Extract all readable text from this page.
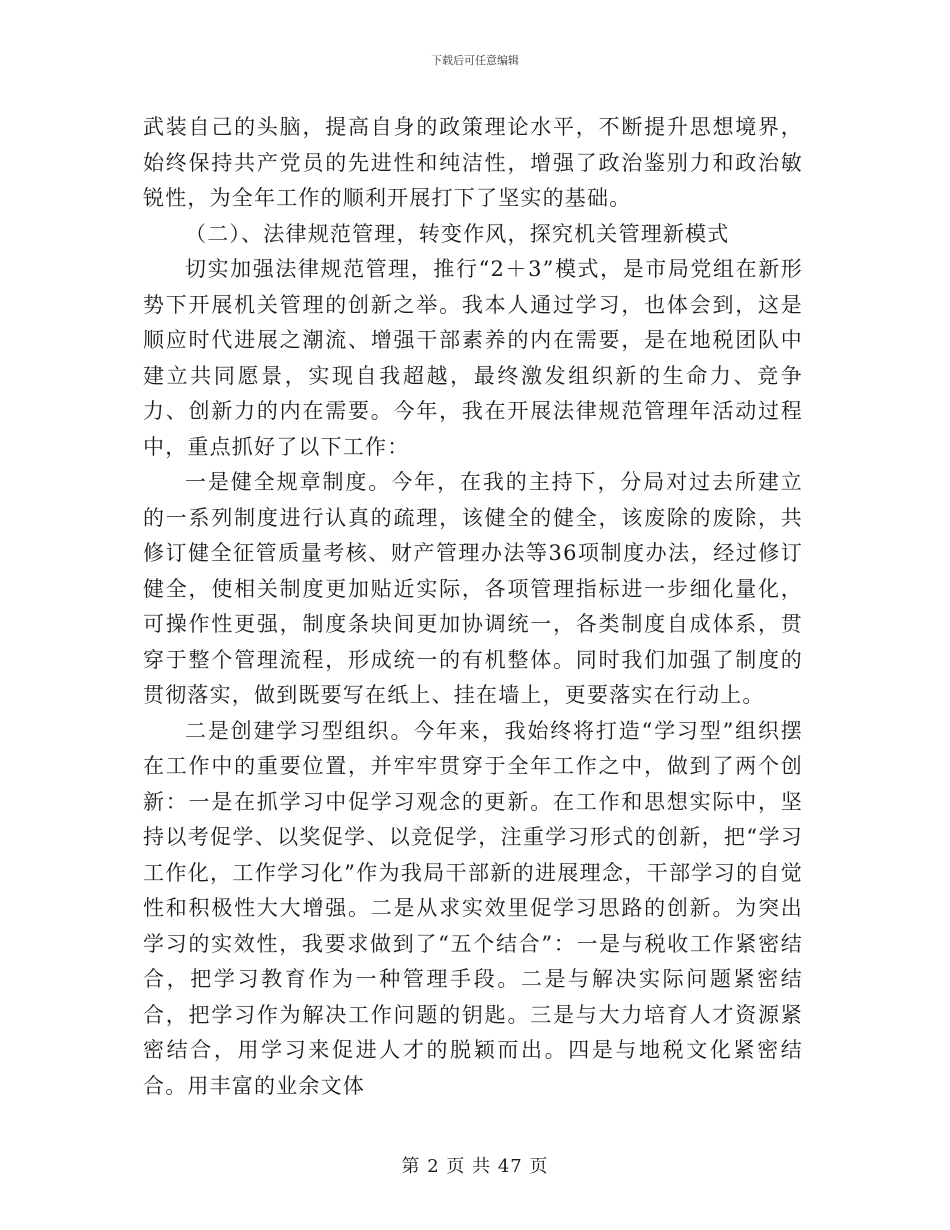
下载后可任意编辑

武装自己的头脑，提高自身的政策理论水平，不断提升思想境界，始终保持共产党员的先进性和纯洁性，增强了政治鉴别力和政治敏锐性，为全年工作的顺利开展打下了坚实的基础。

（二）、法律规范管理，转变作风，探究机关管理新模式

切实加强法律规范管理，推行“2＋3”模式，是市局党组在新形势下开展机关管理的创新之举。我本人通过学习，也体会到，这是顺应时代进展之潮流、增强干部素养的内在需要，是在地税团队中建立共同愿景，实现自我超越，最终激发组织新的生命力、竞争力、创新力的内在需要。今年，我在开展法律规范管理年活动过程中，重点抓好了以下工作：

一是健全规章制度。今年，在我的主持下，分局对过去所建立的一系列制度进行认真的疏理，该健全的健全，该废除的废除，共修订健全征管质量考核、财产管理办法等36项制度办法，经过修订健全，使相关制度更加贴近实际，各项管理指标进一步细化量化，可操作性更强，制度条块间更加协调统一，各类制度自成体系，贯穿于整个管理流程，形成统一的有机整体。同时我们加强了制度的贯彻落实，做到既要写在纸上、挂在墙上，更要落实在行动上。

二是创建学习型组织。今年来，我始终将打造“学习型”组织摆在工作中的重要位置，并牢牢贯穿于全年工作之中，做到了两个创新：一是在抓学习中促学习观念的更新。在工作和思想实际中，坚持以考促学、以奖促学、以竞促学，注重学习形式的创新，把“学习工作化，工作学习化”作为我局干部新的进展理念，干部学习的自觉性和积极性大大增强。二是从求实效里促学习思路的创新。为突出学习的实效性，我要求做到了“五个结合”：一是与税收工作紧密结合，把学习教育作为一种管理手段。二是与解决实际问题紧密结合，把学习作为解决工作问题的钥匙。三是与大力培育人才资源紧密结合，用学习来促进人才的脱颖而出。四是与地税文化紧密结合。用丰富的业余文体

第 2 页 共 47 页
